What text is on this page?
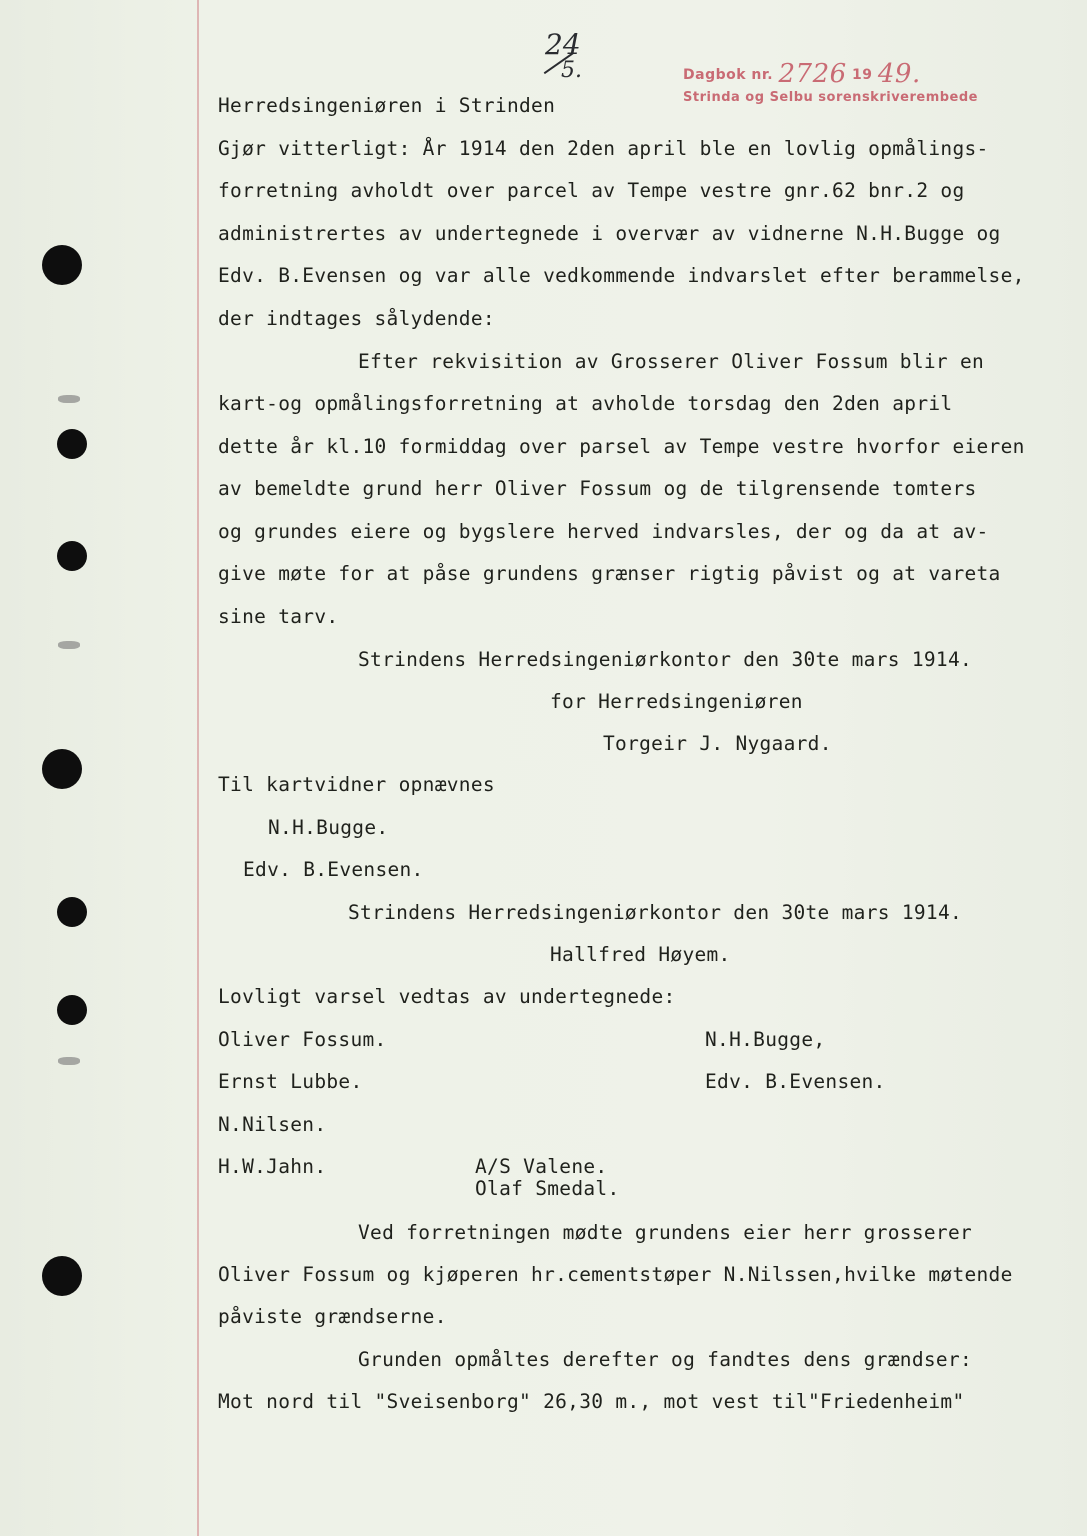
24
5.	Dagbok nr. 2726 19 49.
Strinda og Selbu sorenskriverembede
Herredsingeniøren i Strinden
Gjør vitterligt: År 1914 den 2den april ble en lovlig opmålings-
forretning avholdt over parcel av Tempe vestre gnr.62 bnr.2 og
administrertes av undertegnede i overvær av vidnerne N.H.Bugge og
Edv. B.Evensen og var alle vedkommende indvarslet efter berammelse,
der indtages sålydende:
Efter rekvisition av Grosserer Oliver Fossum blir en
kart-og opmålingsforretning at avholde torsdag den 2den april
dette år kl.10 formiddag over parsel av Tempe vestre hvorfor eieren
av bemeldte grund herr Oliver Fossum og de tilgrensende tomters
og grundes eiere og bygslere herved indvarsles, der og da at av-
give møte for at påse grundens grænser rigtig påvist og at vareta
sine tarv.
Strindens Herredsingeniørkontor den 30te mars 1914.
for Herredsingeniøren
Torgeir J. Nygaard.
Til kartvidner opnævnes
N.H.Bugge.
Edv. B.Evensen.
Strindens Herredsingeniørkontor den 30te mars 1914.
Hallfred Høyem.
Lovligt varsel vedtas av undertegnede:
Oliver Fossum.	N.H.Bugge,
Ernst Lubbe.	Edv. B.Evensen.
N.Nilsen.
H.W.Jahn.	A/S Valene.
Olaf Smedal.
Ved forretningen mødte grundens eier herr grosserer
Oliver Fossum og kjøperen hr.cementstøper N.Nilssen,hvilke møtende
påviste grændserne.
Grunden opmåltes derefter og fandtes dens grændser:
Mot nord til "Sveisenborg" 26,30 m., mot vest til"Friedenheim"
